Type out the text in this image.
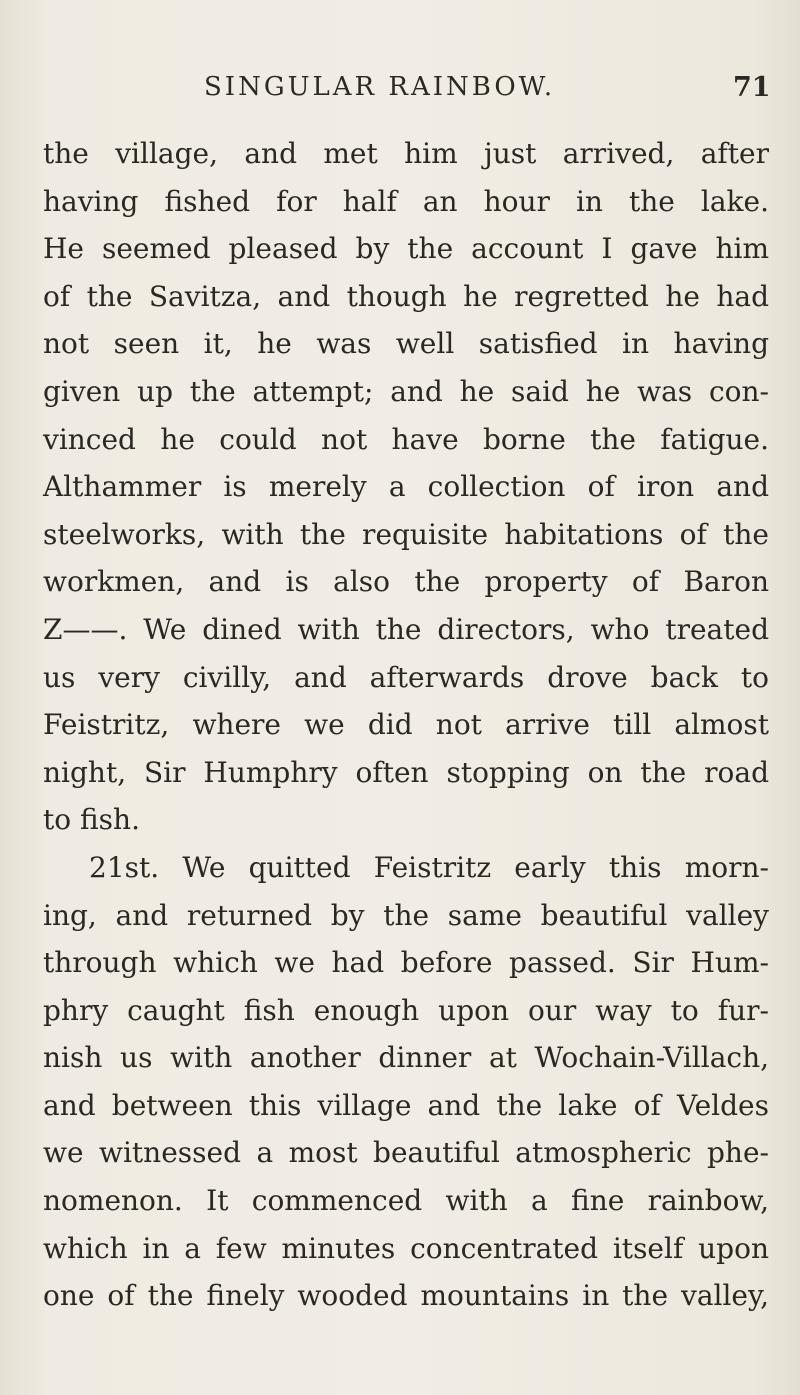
SINGULAR RAINBOW.	71
the village, and met him just arrived, after
having fished for half an hour in the lake.
He seemed pleased by the account I gave him
of the Savitza, and though he regretted he had
not seen it, he was well satisfied in having
given up the attempt; and he said he was con-
vinced he could not have borne the fatigue.
Althammer is merely a collection of iron and
steelworks, with the requisite habitations of the
workmen, and is also the property of Baron
Z——. We dined with the directors, who treated
us very civilly, and afterwards drove back to
Feistritz, where we did not arrive till almost
night, Sir Humphry often stopping on the road
to fish.
21st. We quitted Feistritz early this morn-
ing, and returned by the same beautiful valley
through which we had before passed. Sir Hum-
phry caught fish enough upon our way to fur-
nish us with another dinner at Wochain-Villach,
and between this village and the lake of Veldes
we witnessed a most beautiful atmospheric phe-
nomenon. It commenced with a fine rainbow,
which in a few minutes concentrated itself upon
one of the finely wooded mountains in the valley,
